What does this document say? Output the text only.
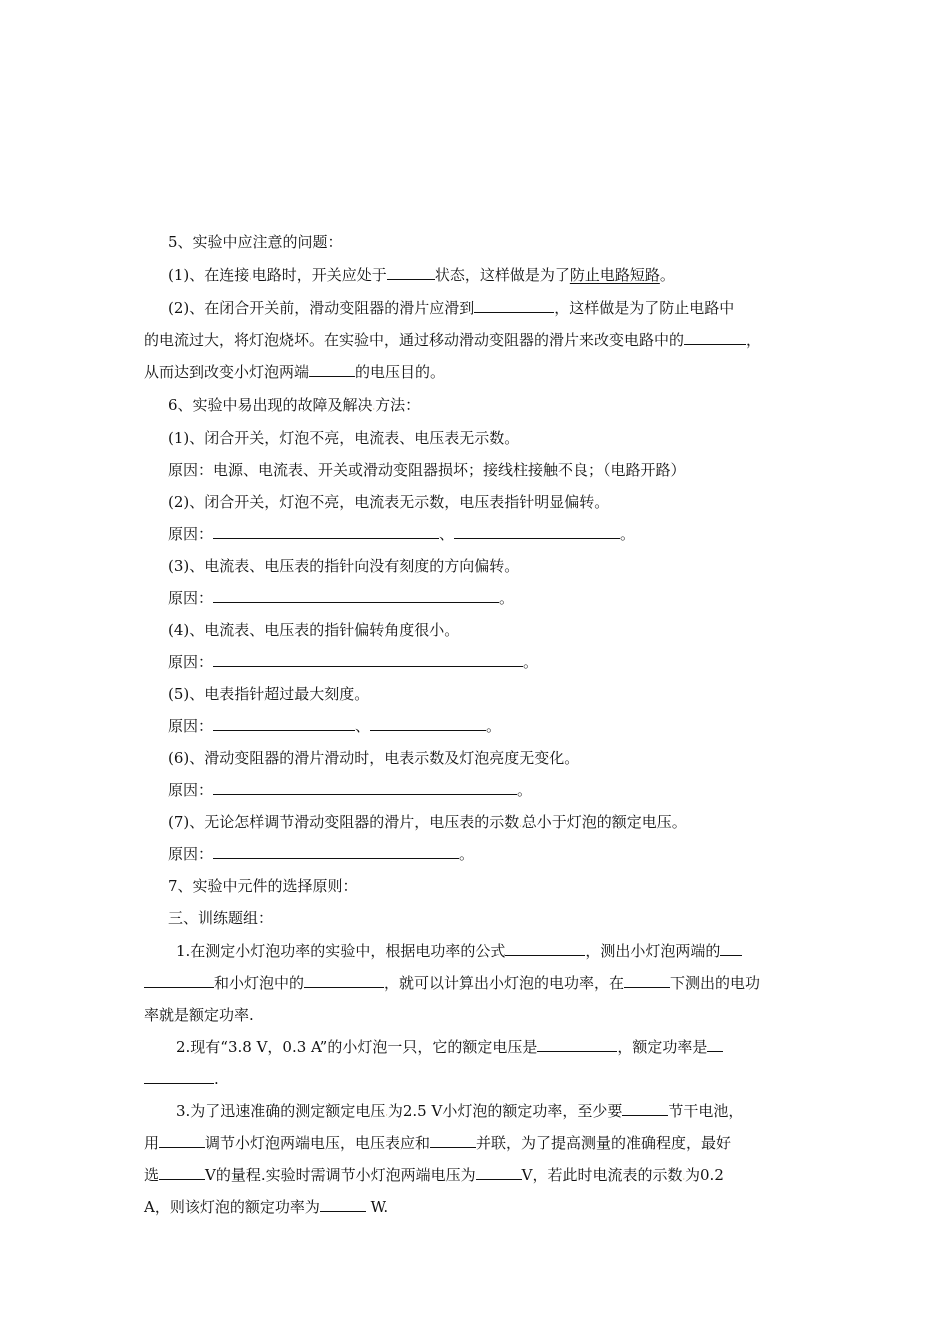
5、实验中应注意的问题：
(1)、在连接·电路时，开关应处于	状态，这样做是为了防止电路短路。
(2)、在闭合开关前，滑动变阻器的滑片应滑到	，这样做是为了防止电路中
的电流过大，将灯泡烧坏。在实验中，通过移动滑动变阻器的滑片来改变电路中的	，
从而达到改变小灯泡两端	的电压目的。
6、实验中易出现的故障及解决·方法：
(1)、闭合开关，灯泡不亮，电流表、电压表无示数。
原因：电源、电流表、开关或滑动变阻器损坏；接线柱接触不良；（电路开路）
(2)、闭合开关，灯泡不亮，电流表无示数，电压表指针明显偏转。
原因：	、	。
(3)、电流表、电压表的指针向没有刻度的方向偏转。
原因：	。
(4)、电流表、电压表的指针偏转角度很小。
原因：	。
(5)、电表指针超过最大刻度。
原因：	、	。
(6)、滑动变阻器的滑片滑动时，电表示数及灯泡亮度无变化。
原因：	。
(7)、无论怎样调节滑动变阻器的滑片，电压表的示数·总小于灯泡的额定电压。
原因：	。
7、实验中元件的选择原则：
三、训练题组：
1.在测定小灯泡功率的实验中，根据电功率的公式	，测出小灯泡两端的
和小灯泡中的	，就可以计算出小灯泡的电功率，在	下测出的电功
率就是额定功率.
2.现有“3.8 V，0.3 A”的小灯泡一只，它的额定电压是	，额定功率是
.
3.为了迅速准确的测定额定电压·为2.5 V小灯泡的额定功率，至少要	节干电池，
用	调节小灯泡两端电压，电压表应和	并联，为了提高测量的准确程度，最好
选	V的量程.实验时需调节小灯泡两端电压为	V，若此时电流表的示数·为0.2
A，则该灯泡的额定功率为	W.
